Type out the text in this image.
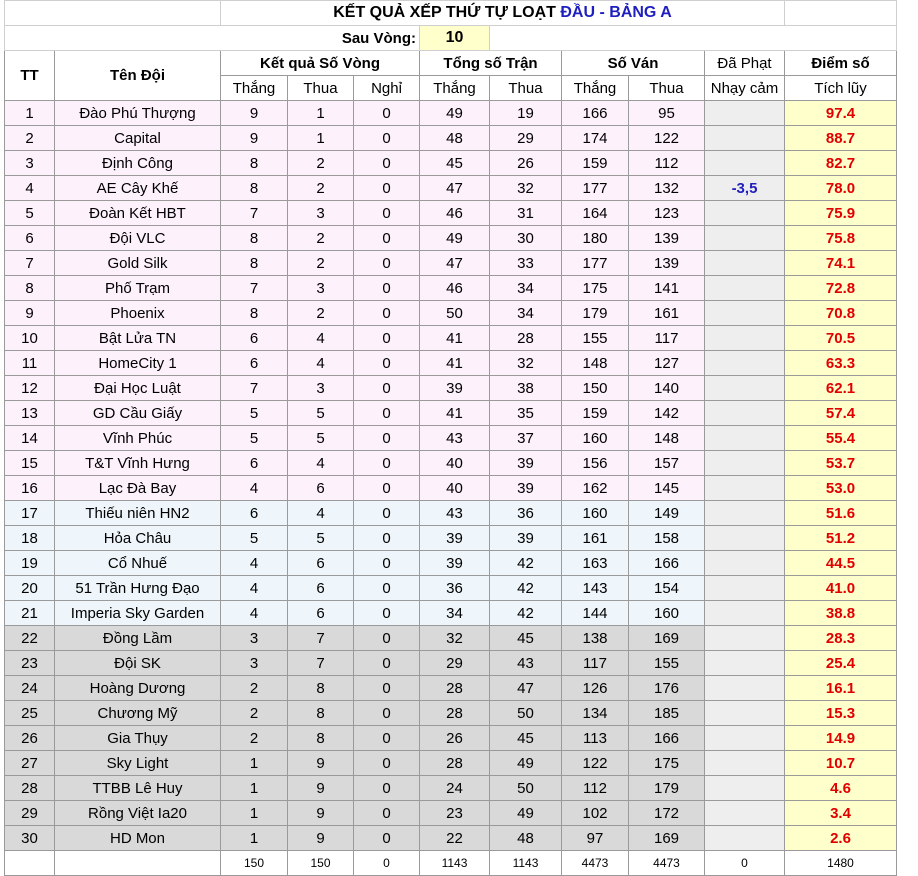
		KẾT QUẢ XẾP THỨ TỰ LOẠT ĐẦU - BẢNG A								
Sau Vòng:					10					
TT	Tên Đội	Kết quả Số Vòng			Tổng số Trận		Số Ván		Đã Phạt	Điểm số
		Thắng	Thua	Nghỉ	Thắng	Thua	Thắng	Thua	Nhạy cảm	Tích lũy
1	Đào Phú Thượng	9	1	0	49	19	166	95		97.4
2	Capital	9	1	0	48	29	174	122		88.7
3	Định Công	8	2	0	45	26	159	112		82.7
4	AE Cây Khế	8	2	0	47	32	177	132	-3,5	78.0
5	Đoàn Kết HBT	7	3	0	46	31	164	123		75.9
6	Đội VLC	8	2	0	49	30	180	139		75.8
7	Gold Silk	8	2	0	47	33	177	139		74.1
8	Phố Trạm	7	3	0	46	34	175	141		72.8
9	Phoenix	8	2	0	50	34	179	161		70.8
10	Bật Lửa TN	6	4	0	41	28	155	117		70.5
11	HomeCity 1	6	4	0	41	32	148	127		63.3
12	Đại Học Luật	7	3	0	39	38	150	140		62.1
13	GD Cầu Giấy	5	5	0	41	35	159	142		57.4
14	Vĩnh Phúc	5	5	0	43	37	160	148		55.4
15	T&T Vĩnh Hưng	6	4	0	40	39	156	157		53.7
16	Lạc Đà Bay	4	6	0	40	39	162	145		53.0
17	Thiếu niên HN2	6	4	0	43	36	160	149		51.6
18	Hỏa Châu	5	5	0	39	39	161	158		51.2
19	Cổ Nhuế	4	6	0	39	42	163	166		44.5
20	51 Trần Hưng Đạo	4	6	0	36	42	143	154		41.0
21	Imperia Sky Garden	4	6	0	34	42	144	160		38.8
22	Đồng Lầm	3	7	0	32	45	138	169		28.3
23	Đội SK	3	7	0	29	43	117	155		25.4
24	Hoàng Dương	2	8	0	28	47	126	176		16.1
25	Chương Mỹ	2	8	0	28	50	134	185		15.3
26	Gia Thụy	2	8	0	26	45	113	166		14.9
27	Sky Light	1	9	0	28	49	122	175		10.7
28	TTBB Lê Huy	1	9	0	24	50	112	179		4.6
29	Rồng Việt Ia20	1	9	0	23	49	102	172		3.4
30	HD Mon	1	9	0	22	48	97	169		2.6
		150	150	0	1143	1143	4473	4473	0	1480
